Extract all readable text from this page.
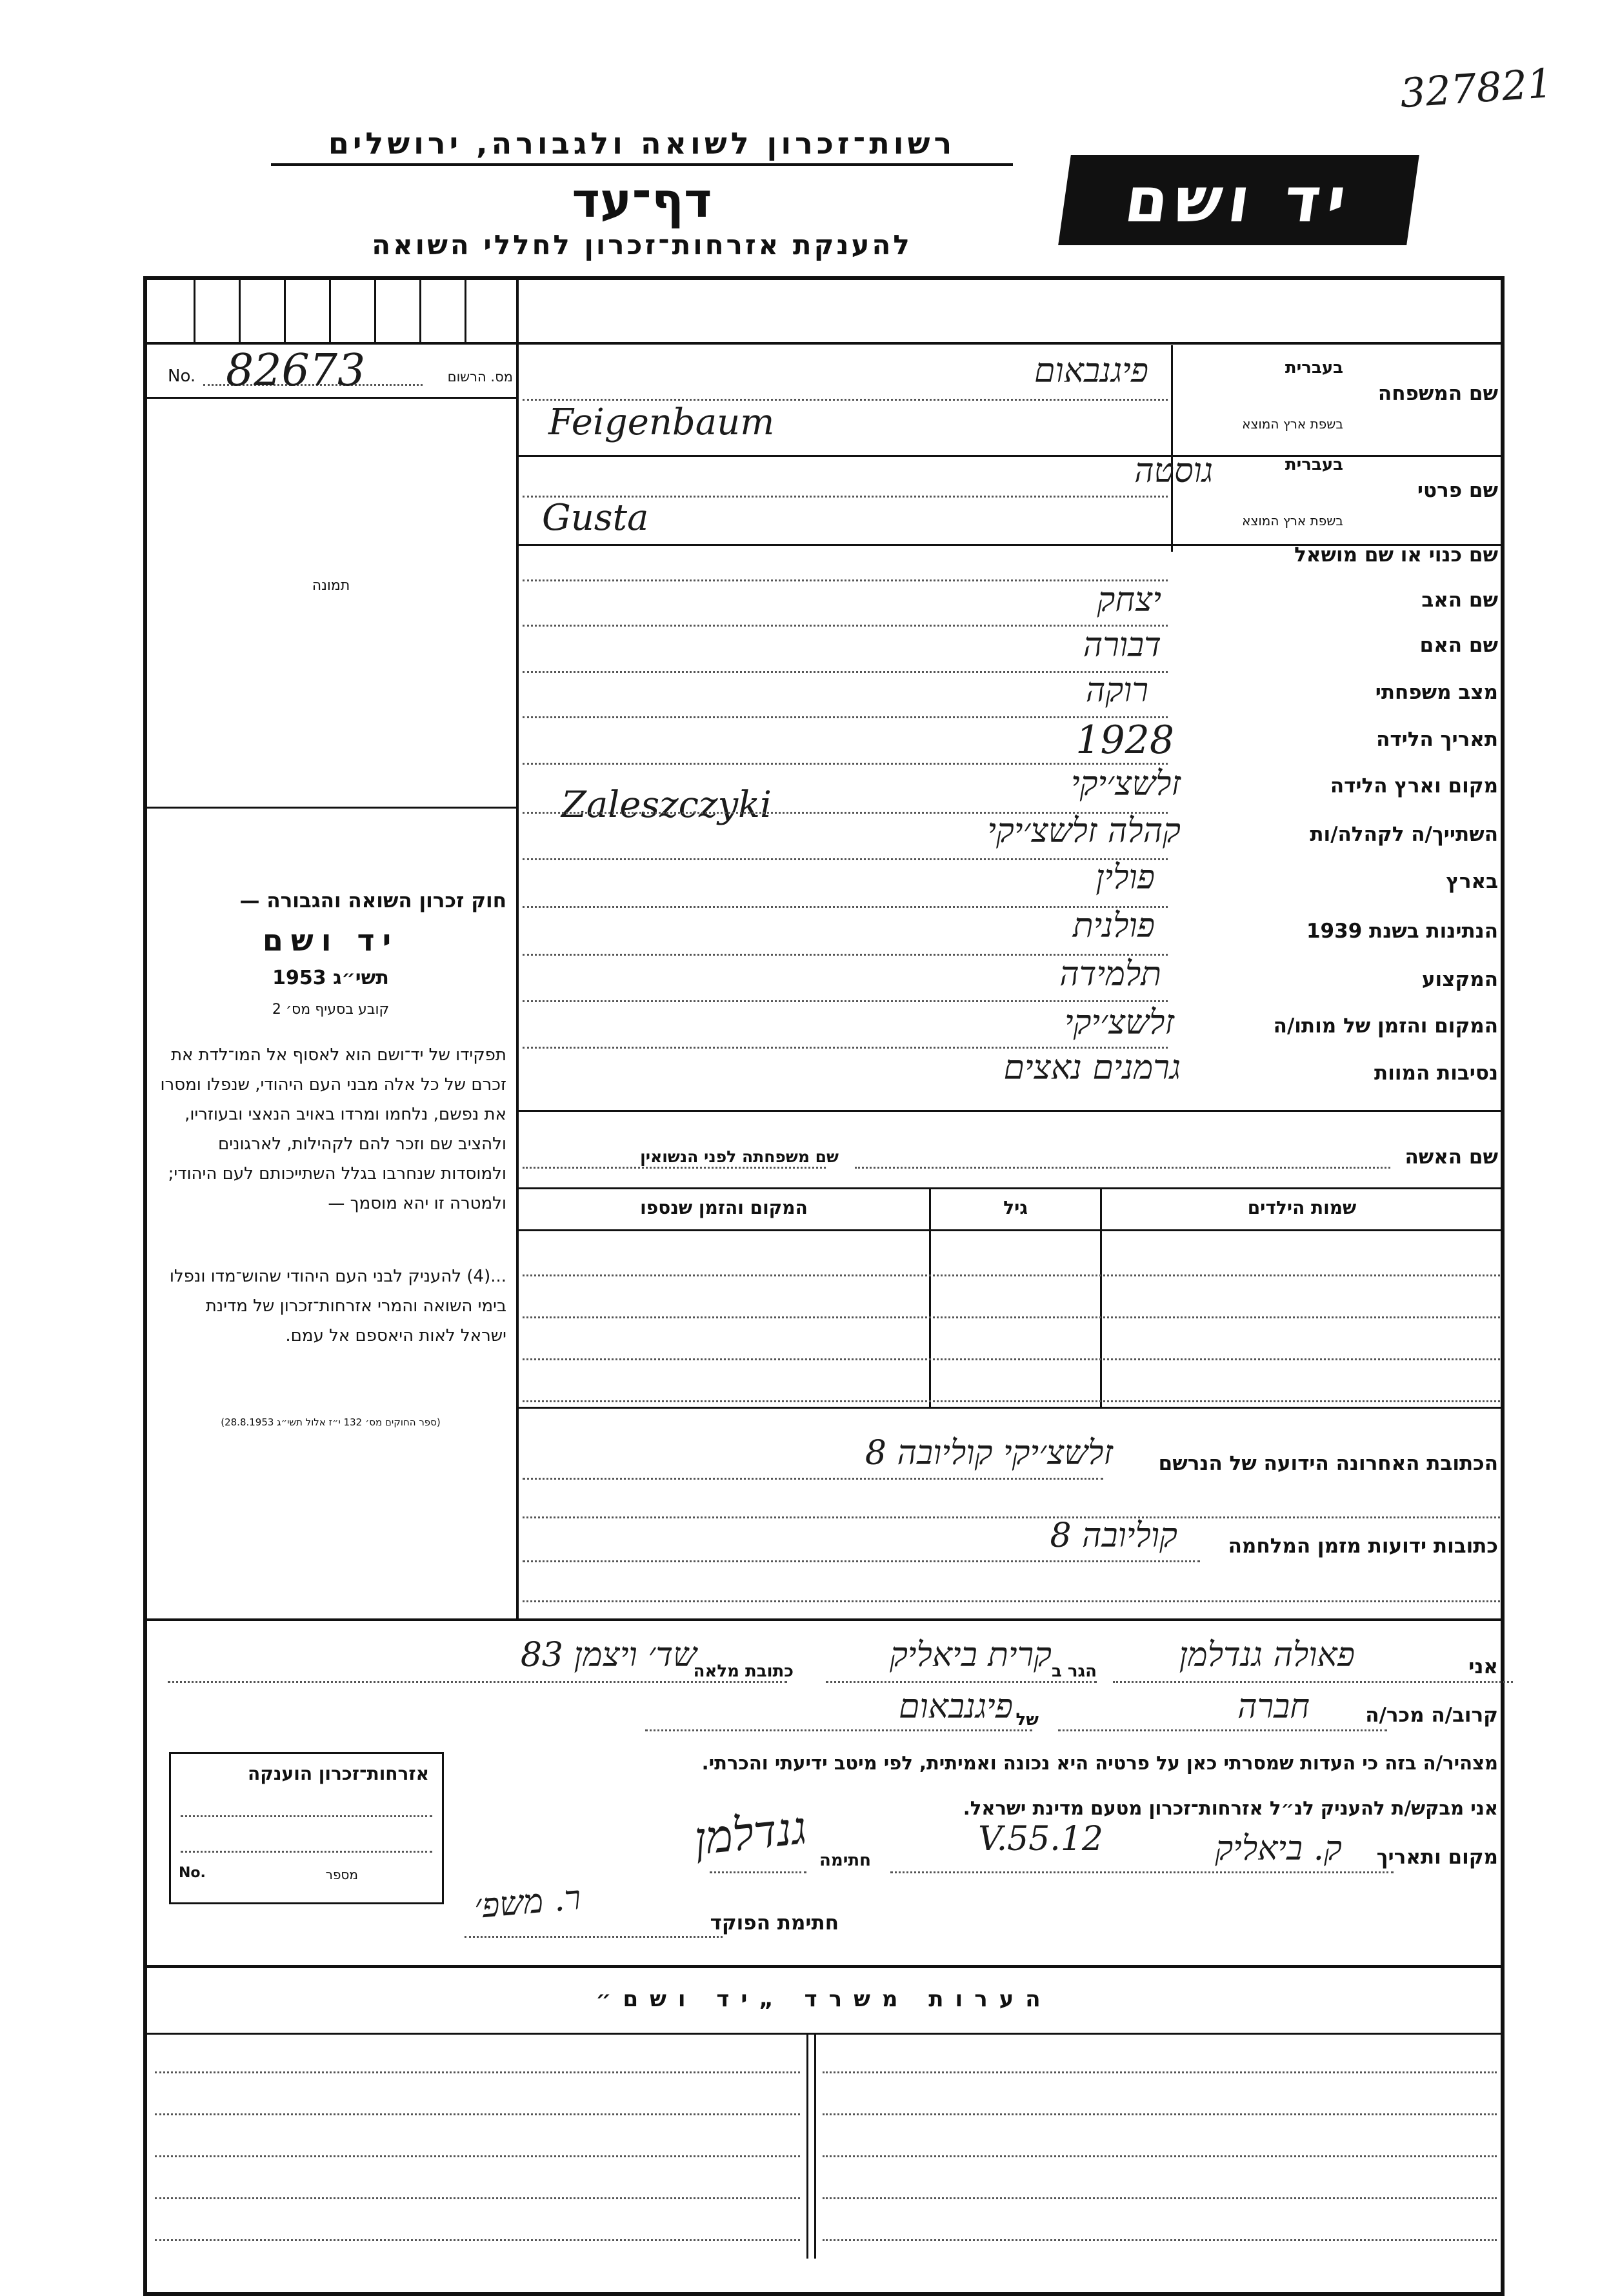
327821
רשות־זכרון לשואה ולגבורה, ירושלים
דף־עד
להענקת אזרחות־זכרון לחללי השואה
יד ושם
No. 82673	מס. הרשום
תמונה
חוק זכרון השואה והגבורה —
יד ושם
תשי״ג 1953
קובע בסעיף מס׳ 2
תפקידו של יד־ושם הוא לאסוף אל המו־לדת את זכרם של כל אלה מבני העם היהודי, שנפלו ומסרו את נפשם, נלחמו ומרדו באויב הנאצי ובעוזריו, ולהציב שם וזכר להם לקהילות, לארגונים ולמוסדות שנחרבו בגלל השתייכותם לעם היהודי; ולמטרה זו יהא מוסמך —
...(4) להעניק לבני העם היהודי שהוש־מדו ונפלו בימי השואה והמרי אזרחות־זכרון של מדינת ישראל לאות היאספם אל עמם.
(ספר החוקים מס׳ 132 י״ז אלול תשי״ג 28.8.1953)
שם המשפחה
בעברית
בשפת ארץ המוצא
פיגנבאום
Feigenbaum
שם פרטי
בעברית
בשפת ארץ המוצא
גוסטה
Gusta
שם כנוי או שם מושאל
שם האב
יצחק
שם האם
דבורה
מצב משפחתי
רוקה
תאריך הלידה
1928
מקום וארץ הלידה
זלשצ׳יקי
Zaleszczyki
השתייך/ה לקהלה/ות
קהלה זלשצ׳יקי
בארץ
פולין
הנתינות בשנת 1939
פולנית
המקצוע
תלמידה
המקום והזמן של מותו/ה
זלשצ׳יקי
נסיבות המוות
גרמנים נאצים
שם האשה
שם משפחתה לפני הנשואין
שמות הילדים
גיל
המקום והזמן שנספו
הכתובת האחרונה הידועה של הנרשם
זלשצ׳יקי קוליובה 8
כתובות ידועות מזמן המלחמה
קוליובה 8
אני
פאולה גנדלמן
הגר ב
קרית ביאליק
כתובת מלאה
שד׳ ויצמן 83
קרוב/ה מכר/ה
חברה
של
פיגנבאום
מצהיר/ה בזה כי העדות שמסרתי כאן על פרטיה היא נכונה ואמיתית, לפי מיטב ידיעתי והכרתי.
אני מבקש/ת להעניק לנ״ל אזרחות־זכרון מטעם מדינת ישראל.
מקום ותאריך
ק. ביאליק
12.V.55
חתימה
גנדלמן
חתימת הפוקד
ר. משפ׳
אזרחות־זכרון הוענקה
No.	מספר
הערות משרד „יד ושם״
